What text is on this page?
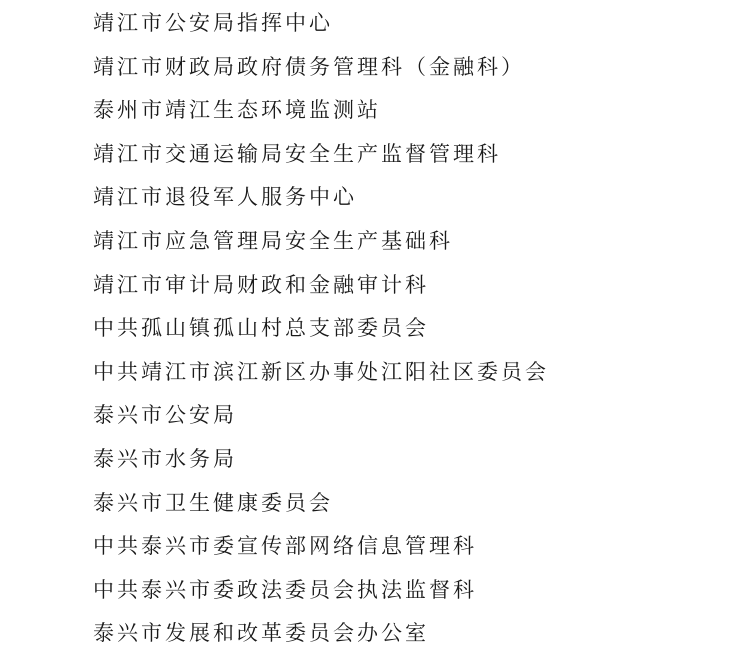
靖江市公安局指挥中心
靖江市财政局政府债务管理科（金融科）
泰州市靖江生态环境监测站
靖江市交通运输局安全生产监督管理科
靖江市退役军人服务中心
靖江市应急管理局安全生产基础科
靖江市审计局财政和金融审计科
中共孤山镇孤山村总支部委员会
中共靖江市滨江新区办事处江阳社区委员会
泰兴市公安局
泰兴市水务局
泰兴市卫生健康委员会
中共泰兴市委宣传部网络信息管理科
中共泰兴市委政法委员会执法监督科
泰兴市发展和改革委员会办公室
